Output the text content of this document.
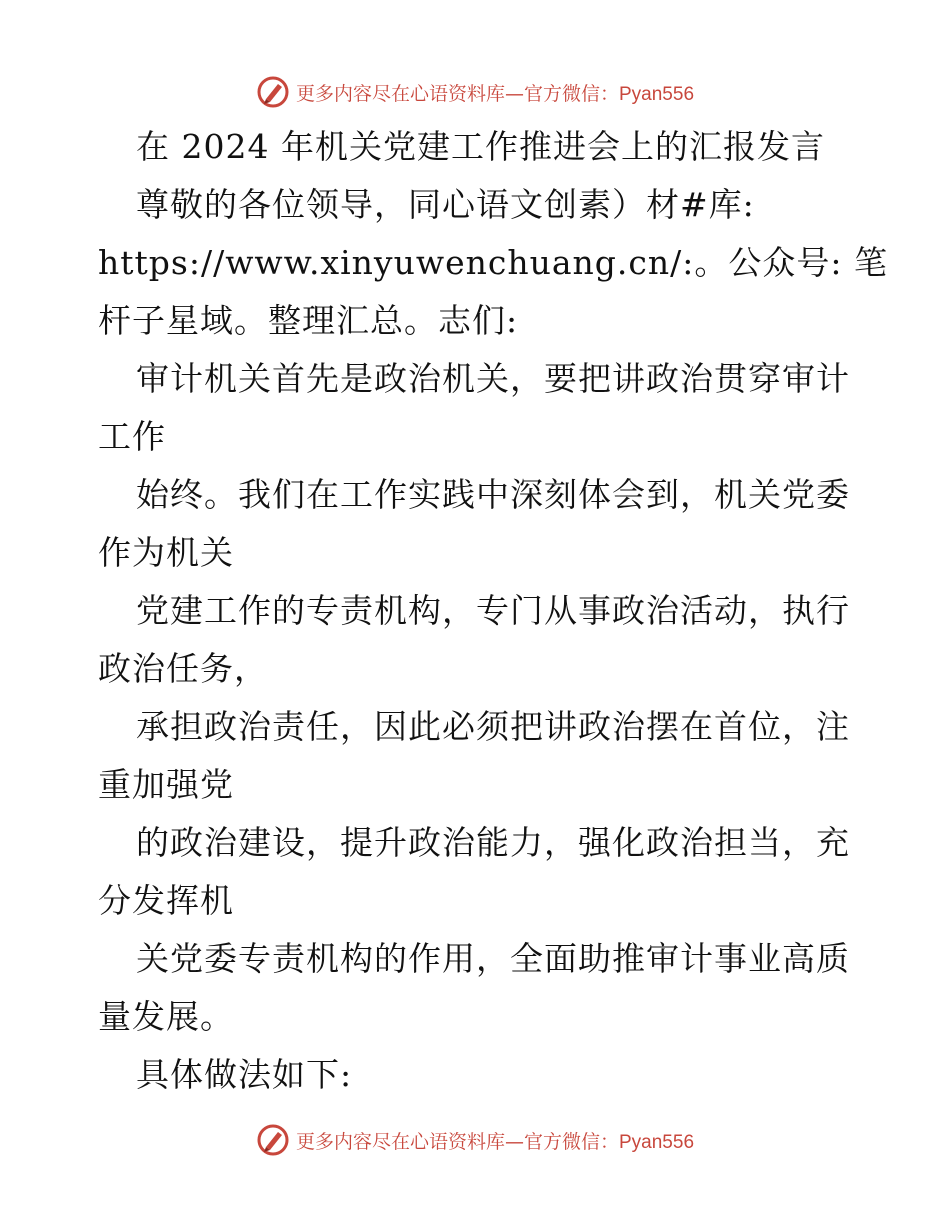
更多内容尽在心语资料库—官方微信：Pyan556
在 2024 年机关党建工作推进会上的汇报发言
尊敬的各位领导，同心语文创素）材#库:
https://www.xinyuwenchuang.cn/:。公众号: 笔
杆子星域。整理汇总。志们:
审计机关首先是政治机关，要把讲政治贯穿审计
工作
始终。我们在工作实践中深刻体会到，机关党委
作为机关
党建工作的专责机构，专门从事政治活动，执行
政治任务，
承担政治责任，因此必须把讲政治摆在首位，注
重加强党
的政治建设，提升政治能力，强化政治担当，充
分发挥机
关党委专责机构的作用，全面助推审计事业高质
量发展。
具体做法如下:
更多内容尽在心语资料库—官方微信：Pyan556
